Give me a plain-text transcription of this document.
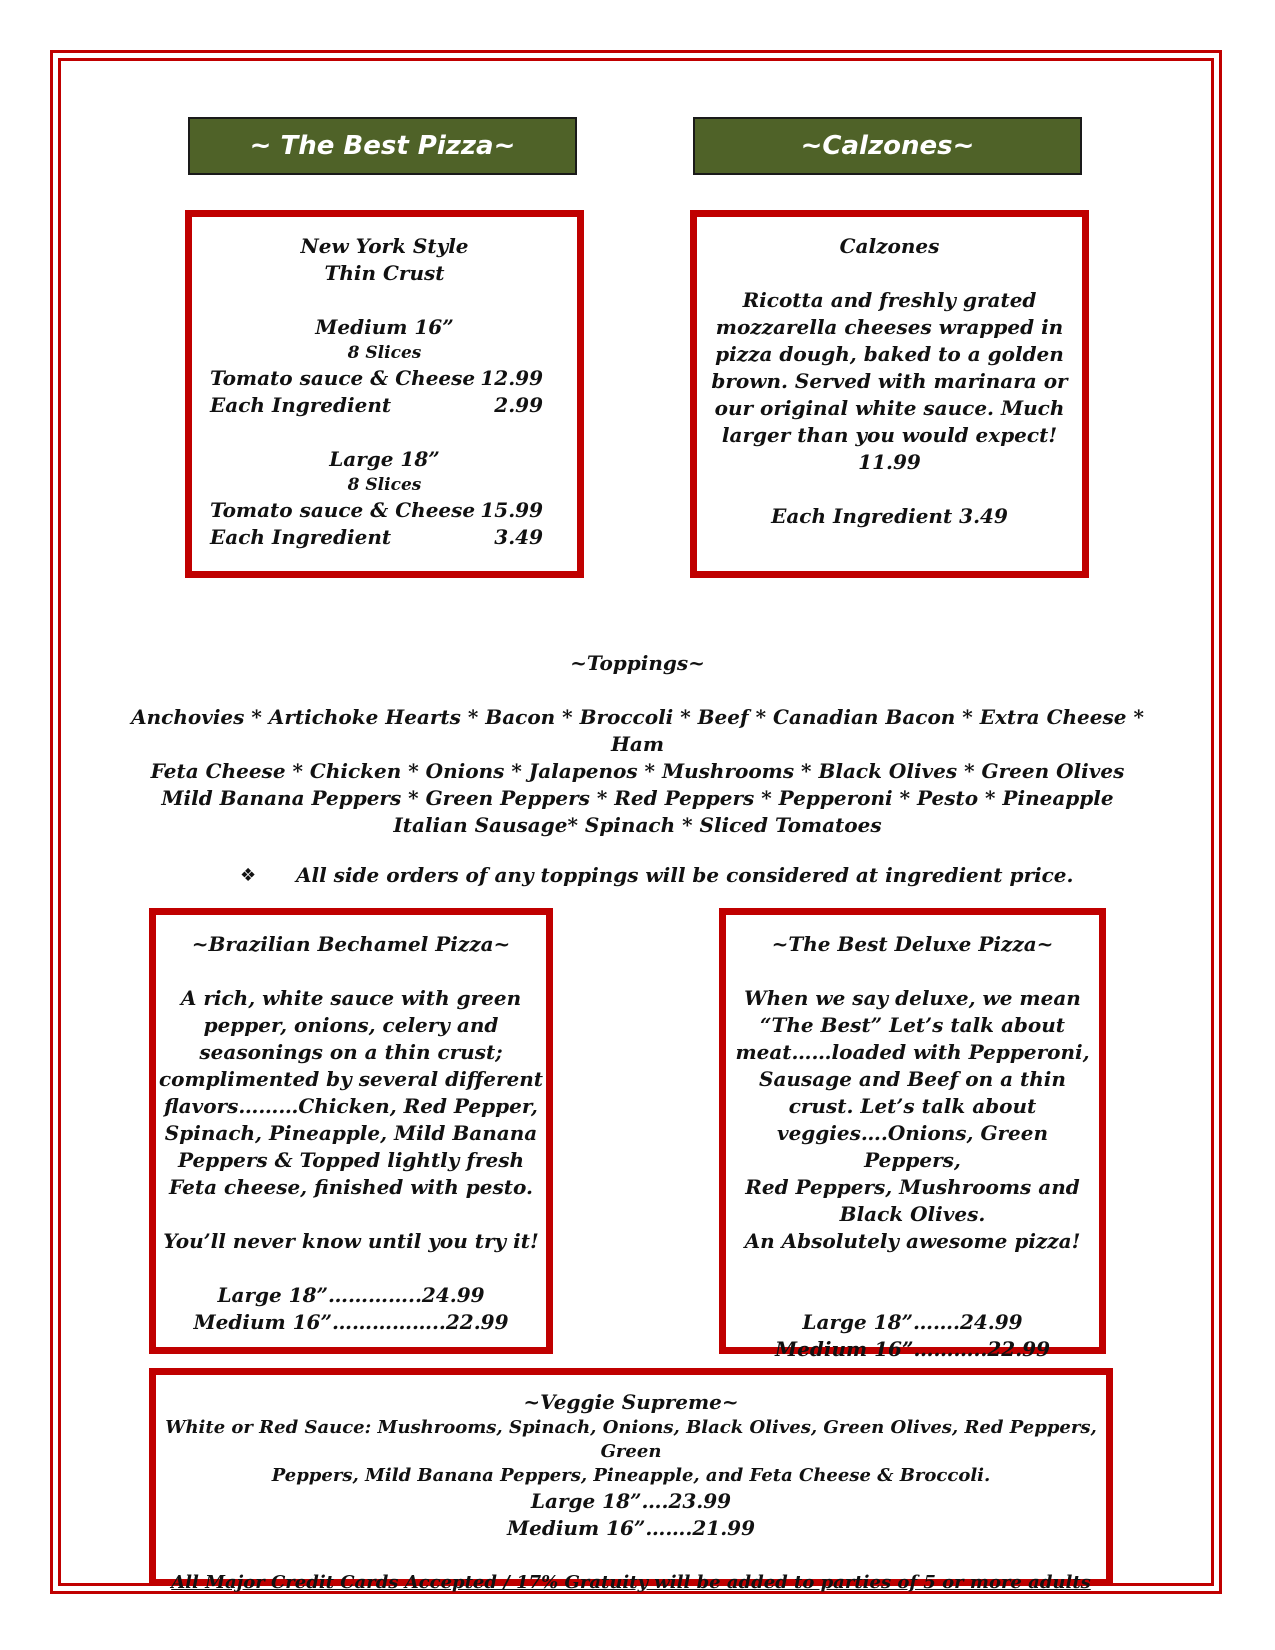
~ The Best Pizza~	~Calzones~
New York Style
Thin Crust
Medium 16”
8 Slices
Tomato sauce & Cheese 12.99
Each Ingredient	2.99
Large 18”
8 Slices
Tomato sauce & Cheese 15.99
Each Ingredient	3.49
Calzones
Ricotta and freshly grated
mozzarella cheeses wrapped in
pizza dough, baked to a golden
brown. Served with marinara or
our original white sauce. Much
larger than you would expect!
11.99
Each Ingredient 3.49
~Toppings~
Anchovies * Artichoke Hearts * Bacon * Broccoli * Beef * Canadian Bacon * Extra Cheese * Ham
Feta Cheese * Chicken * Onions * Jalapenos * Mushrooms * Black Olives * Green Olives
Mild Banana Peppers * Green Peppers * Red Peppers * Pepperoni * Pesto * Pineapple
Italian Sausage* Spinach * Sliced Tomatoes
❖	All side orders of any toppings will be considered at ingredient price.
~Brazilian Bechamel Pizza~
A rich, white sauce with green
pepper, onions, celery and
seasonings on a thin crust;
complimented by several different
flavors………Chicken, Red Pepper,
Spinach, Pineapple, Mild Banana
Peppers & Topped lightly fresh
Feta cheese, finished with pesto.
You’ll never know until you try it!
Large 18”…………..24.99
Medium 16”……………..22.99
~The Best Deluxe Pizza~
When we say deluxe, we mean
“The Best” Let’s talk about
meat……loaded with Pepperoni,
Sausage and Beef on a thin
crust. Let’s talk about
veggies….Onions, Green Peppers,
Red Peppers, Mushrooms and
Black Olives.
An Absolutely awesome pizza!
Large 18”…….24.99
Medium 16”………..22.99
~Veggie Supreme~
White or Red Sauce: Mushrooms, Spinach, Onions, Black Olives, Green Olives, Red Peppers, Green
Peppers, Mild Banana Peppers, Pineapple, and Feta Cheese & Broccoli.
Large 18”….23.99
Medium 16”…….21.99
All Major Credit Cards Accepted / 17% Gratuity will be added to parties of 5 or more adults
